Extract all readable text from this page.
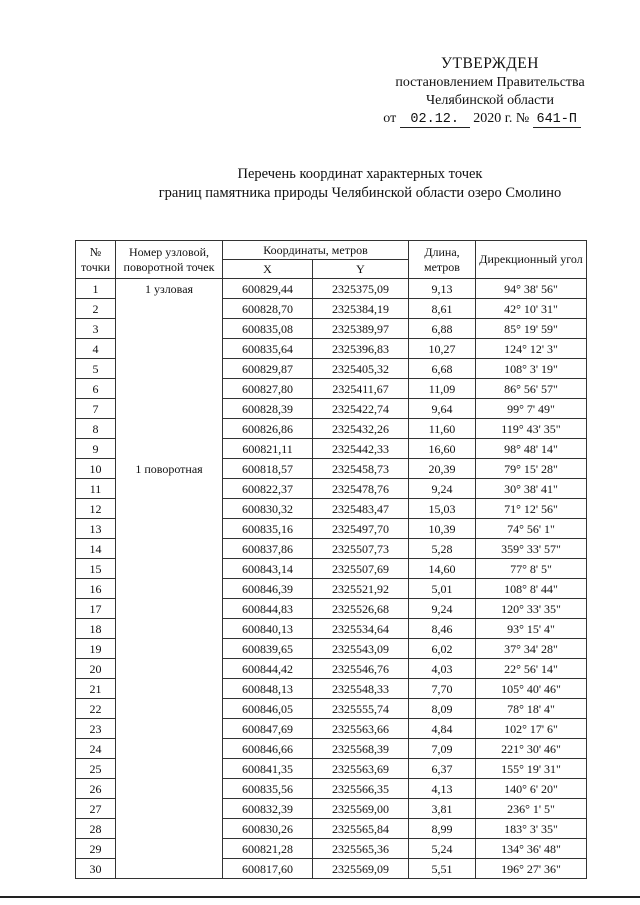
УТВЕРЖДЕН
постановлением Правительства
Челябинской области
от 02.12. 2020 г. № 641-П
Перечень координат характерных точек
границ памятника природы Челябинской области озеро Смолино
№ точки	Номер узловой, поворотной точек	Координаты, метров		Длина, метров	Дирекционный угол
		X	Y		
1	1 узловая	600829,44	2325375,09	9,13	94° 38' 56"
2		600828,70	2325384,19	8,61	42° 10' 31"
3		600835,08	2325389,97	6,88	85° 19' 59"
4		600835,64	2325396,83	10,27	124° 12' 3"
5		600829,87	2325405,32	6,68	108° 3' 19"
6		600827,80	2325411,67	11,09	86° 56' 57"
7		600828,39	2325422,74	9,64	99° 7' 49"
8		600826,86	2325432,26	11,60	119° 43' 35"
9		600821,11	2325442,33	16,60	98° 48' 14"
10	1 поворотная	600818,57	2325458,73	20,39	79° 15' 28"
11		600822,37	2325478,76	9,24	30° 38' 41"
12		600830,32	2325483,47	15,03	71° 12' 56"
13		600835,16	2325497,70	10,39	74° 56' 1"
14		600837,86	2325507,73	5,28	359° 33' 57"
15		600843,14	2325507,69	14,60	77° 8' 5"
16		600846,39	2325521,92	5,01	108° 8' 44"
17		600844,83	2325526,68	9,24	120° 33' 35"
18		600840,13	2325534,64	8,46	93° 15' 4"
19		600839,65	2325543,09	6,02	37° 34' 28"
20		600844,42	2325546,76	4,03	22° 56' 14"
21		600848,13	2325548,33	7,70	105° 40' 46"
22		600846,05	2325555,74	8,09	78° 18' 4"
23		600847,69	2325563,66	4,84	102° 17' 6"
24		600846,66	2325568,39	7,09	221° 30' 46"
25		600841,35	2325563,69	6,37	155° 19' 31"
26		600835,56	2325566,35	4,13	140° 6' 20"
27		600832,39	2325569,00	3,81	236° 1' 5"
28		600830,26	2325565,84	8,99	183° 3' 35"
29		600821,28	2325565,36	5,24	134° 36' 48"
30		600817,60	2325569,09	5,51	196° 27' 36"
